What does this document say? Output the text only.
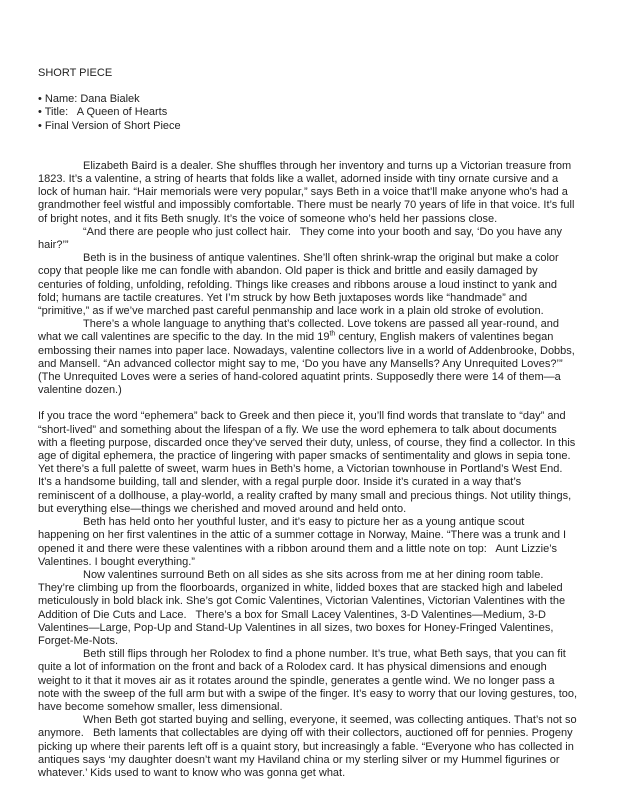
SHORT PIECE
• Name: Dana Bialek
• Title:   A Queen of Hearts
• Final Version of Short Piece

Elizabeth Baird is a dealer. She shuffles through her inventory and turns up a Victorian treasure from 1823. It’s a valentine, a string of hearts that folds like a wallet, adorned inside with tiny ornate cursive and a lock of human hair. “Hair memorials were very popular,” says Beth in a voice that’ll make anyone who’s had a grandmother feel wistful and impossibly comfortable. There must be nearly 70 years of life in that voice. It’s full of bright notes, and it fits Beth snugly. It’s the voice of someone who’s held her passions close.

“And there are people who just collect hair.   They come into your booth and say, ‘Do you have any hair?’”

Beth is in the business of antique valentines. She’ll often shrink-wrap the original but make a color copy that people like me can fondle with abandon. Old paper is thick and brittle and easily damaged by centuries of folding, unfolding, refolding. Things like creases and ribbons arouse a loud instinct to yank and fold; humans are tactile creatures. Yet I’m struck by how Beth juxtaposes words like “handmade” and “primitive,” as if we’ve marched past careful penmanship and lace work in a plain old stroke of evolution.

There’s a whole language to anything that’s collected. Love tokens are passed all year-round, and what we call valentines are specific to the day. In the mid 19th century, English makers of valentines began embossing their names into paper lace. Nowadays, valentine collectors live in a world of Addenbrooke, Dobbs, and Mansell. “An advanced collector might say to me, ‘Do you have any Mansells? Any Unrequited Loves?’” (The Unrequited Loves were a series of hand-colored aquatint prints. Supposedly there were 14 of them—a valentine dozen.)

If you trace the word “ephemera” back to Greek and then piece it, you’ll find words that translate to “day” and “short-lived” and something about the lifespan of a fly. We use the word ephemera to talk about documents with a fleeting purpose, discarded once they’ve served their duty, unless, of course, they find a collector. In this age of digital ephemera, the practice of lingering with paper smacks of sentimentality and glows in sepia tone. Yet there’s a full palette of sweet, warm hues in Beth’s home, a Victorian townhouse in Portland’s West End. It’s a handsome building, tall and slender, with a regal purple door. Inside it’s curated in a way that’s reminiscent of a dollhouse, a play-world, a reality crafted by many small and precious things. Not utility things, but everything else—things we cherished and moved around and held onto.

Beth has held onto her youthful luster, and it’s easy to picture her as a young antique scout happening on her first valentines in the attic of a summer cottage in Norway, Maine. “There was a trunk and I opened it and there were these valentines with a ribbon around them and a little note on top:   Aunt Lizzie’s Valentines. I bought everything.”

Now valentines surround Beth on all sides as she sits across from me at her dining room table. They’re climbing up from the floorboards, organized in white, lidded boxes that are stacked high and labeled meticulously in bold black ink. She’s got Comic Valentines, Victorian Valentines, Victorian Valentines with the Addition of Die Cuts and Lace.   There’s a box for Small Lacey Valentines, 3-D Valentines—Medium, 3-D Valentines—Large, Pop-Up and Stand-Up Valentines in all sizes, two boxes for Honey-Fringed Valentines, Forget-Me-Nots.

Beth still flips through her Rolodex to find a phone number. It’s true, what Beth says, that you can fit quite a lot of information on the front and back of a Rolodex card. It has physical dimensions and enough weight to it that it moves air as it rotates around the spindle, generates a gentle wind. We no longer pass a note with the sweep of the full arm but with a swipe of the finger. It’s easy to worry that our loving gestures, too, have become somehow smaller, less dimensional.

When Beth got started buying and selling, everyone, it seemed, was collecting antiques. That’s not so anymore.   Beth laments that collectables are dying off with their collectors, auctioned off for pennies. Progeny picking up where their parents left off is a quaint story, but increasingly a fable. “Everyone who has collected in antiques says ‘my daughter doesn’t want my Haviland china or my sterling silver or my Hummel figurines or whatever.’ Kids used to want to know who was gonna get what.
